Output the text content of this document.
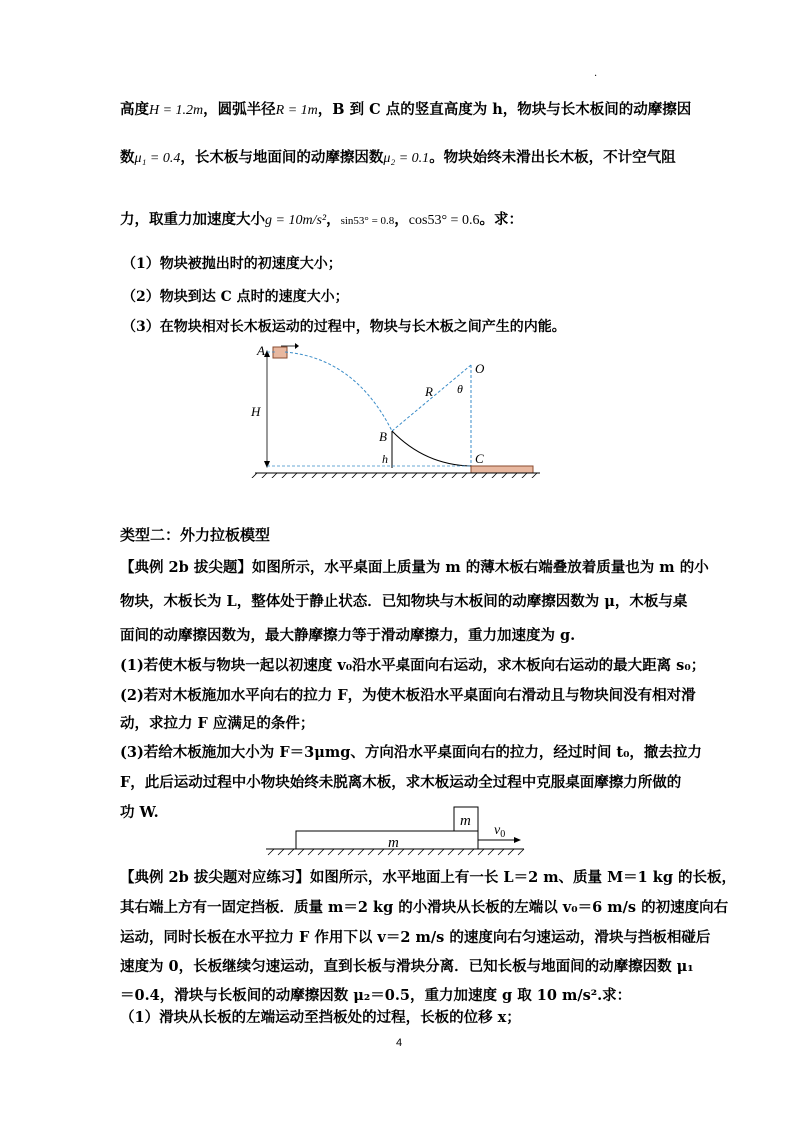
.
高度H = 1.2m，圆弧半径R = 1m，B 到 C 点的竖直高度为 h，物块与长木板间的动摩擦因
数μ₁ = 0.4，长木板与地面间的动摩擦因数μ₂ = 0.1。物块始终未滑出长木板，不计空气阻
力，取重力加速度大小g = 10m/s²，sin53° = 0.8，cos53° = 0.6。求：
（1）物块被抛出时的初速度大小；
（2）物块到达 C 点时的速度大小；
（3）在物块相对长木板运动的过程中，物块与长木板之间产生的内能。
A
O
R θ
H
B
h	C
类型二：外力拉板模型
【典例 2b 拔尖题】如图所示，水平桌面上质量为 m 的薄木板右端叠放着质量也为 m 的小
物块，木板长为 L，整体处于静止状态．已知物块与木板间的动摩擦因数为 μ，木板与桌
面间的动摩擦因数为，最大静摩擦力等于滑动摩擦力，重力加速度为 g.
(1)若使木板与物块一起以初速度 v₀沿水平桌面向右运动，求木板向右运动的最大距离 s₀；
(2)若对木板施加水平向右的拉力 F，为使木板沿水平桌面向右滑动且与物块间没有相对滑
动，求拉力 F 应满足的条件；
(3)若给木板施加大小为 F＝3μmg、方向沿水平桌面向右的拉力，经过时间 t₀，撤去拉力
F，此后运动过程中小物块始终未脱离木板，求木板运动全过程中克服桌面摩擦力所做的
功 W.	m
m
$v_0$
【典例 2b 拔尖题对应练习】如图所示，水平地面上有一长 L＝2 m、质量 M＝1 kg 的长板，
其右端上方有一固定挡板．质量 m＝2 kg 的小滑块从长板的左端以 v₀＝6 m/s 的初速度向右
运动，同时长板在水平拉力 F 作用下以 v＝2 m/s 的速度向右匀速运动，滑块与挡板相碰后
速度为 0，长板继续匀速运动，直到长板与滑块分离．已知长板与地面间的动摩擦因数 μ₁
＝0.4，滑块与长板间的动摩擦因数 μ₂＝0.5，重力加速度 g 取 10 m/s².求：
（1）滑块从长板的左端运动至挡板处的过程，长板的位移 x；
4
